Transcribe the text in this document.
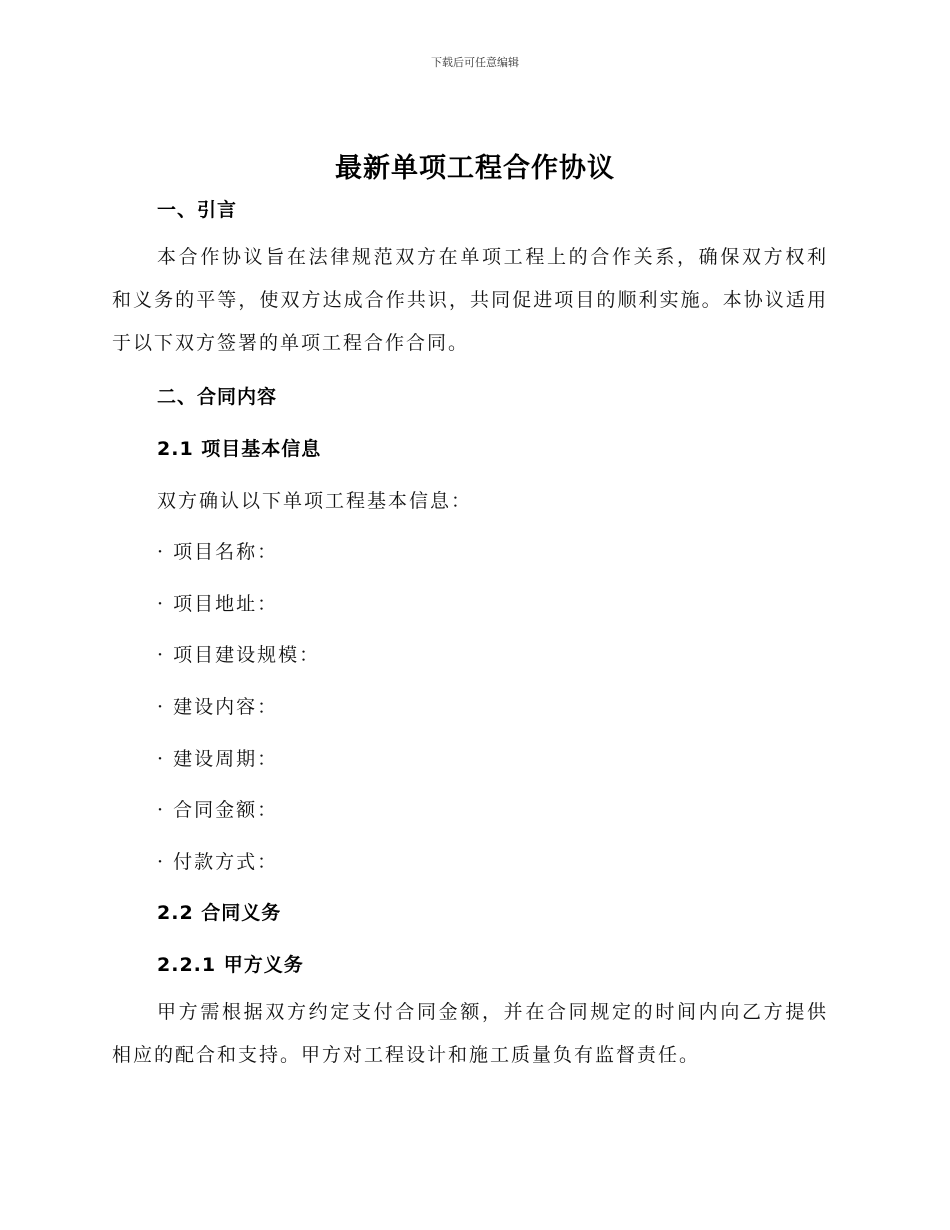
下载后可任意编辑
最新单项工程合作协议
一、引言

本合作协议旨在法律规范双方在单项工程上的合作关系，确保双方权利和义务的平等，使双方达成合作共识，共同促进项目的顺利实施。本协议适用于以下双方签署的单项工程合作合同。

二、合同内容
2.1 项目基本信息
双方确认以下单项工程基本信息：
· 项目名称：
· 项目地址：
· 项目建设规模：
· 建设内容：
· 建设周期：
· 合同金额：
· 付款方式：
2.2 合同义务
2.2.1 甲方义务

甲方需根据双方约定支付合同金额，并在合同规定的时间内向乙方提供相应的配合和支持。甲方对工程设计和施工质量负有监督责任。
